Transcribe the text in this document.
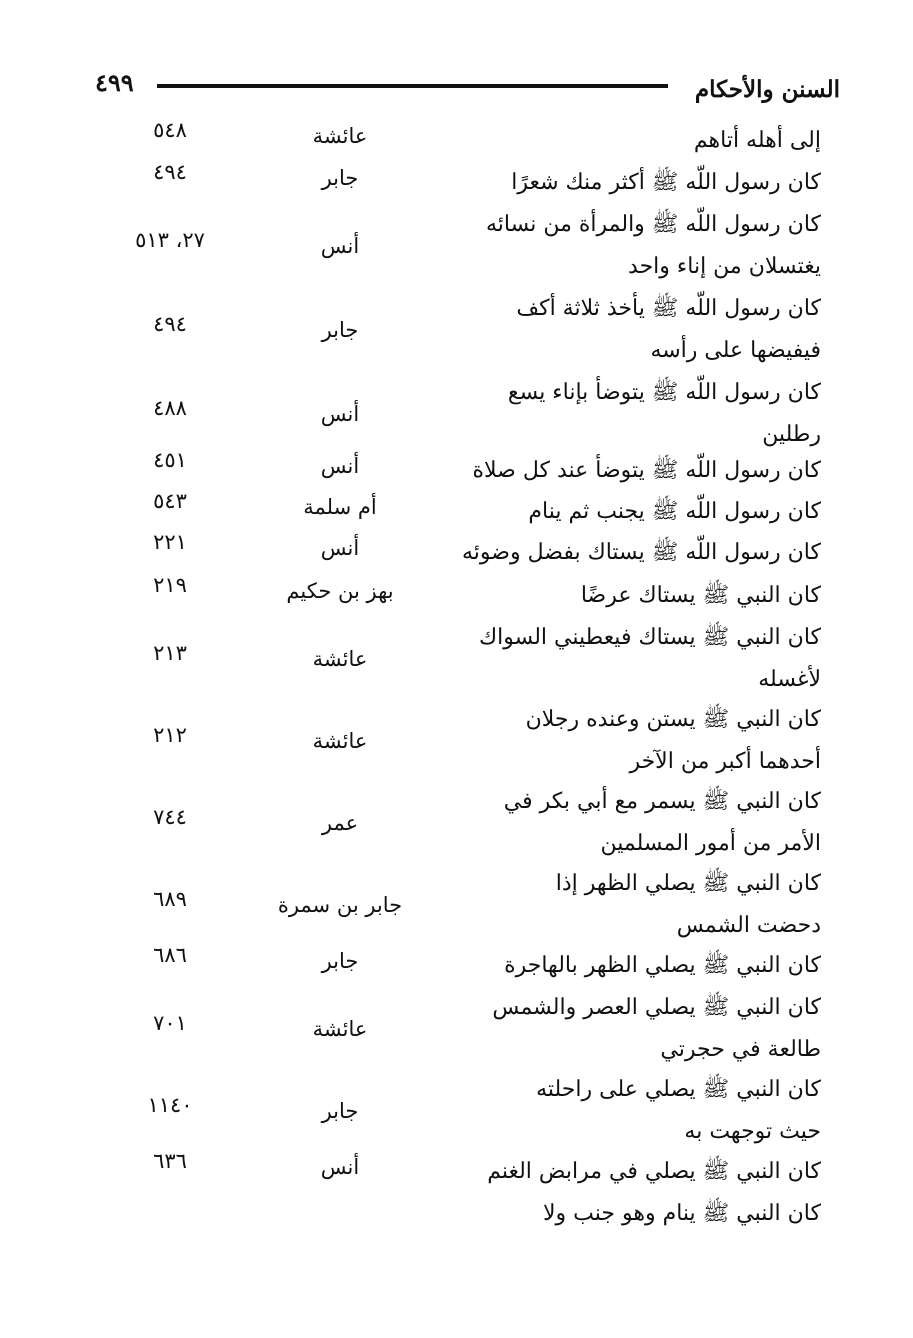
السنن والأحكام
٤٩٩
إلى أهله أتاهم
عائشة
٥٤٨
كان رسول اللّه ﷺ أكثر منك شعرًا
جابر
٤٩٤
كان رسول اللّه ﷺ والمرأة من نسائه
يغتسلان من إناء واحد
أنس
٢٧، ٥١٣
كان رسول اللّه ﷺ يأخذ ثلاثة أكف
فيفيضها على رأسه
جابر
٤٩٤
كان رسول اللّه ﷺ يتوضأ بإناء يسع
رطلين
أنس
٤٨٨
كان رسول اللّه ﷺ يتوضأ عند كل صلاة
أنس
٤٥١
كان رسول اللّه ﷺ يجنب ثم ينام
أم سلمة
٥٤٣
كان رسول اللّه ﷺ يستاك بفضل وضوئه
أنس
٢٢١
كان النبي ﷺ يستاك عرضًا
بهز بن حكيم
٢١٩
كان النبي ﷺ يستاك فيعطيني السواك
لأغسله
عائشة
٢١٣
كان النبي ﷺ يستن وعنده رجلان
أحدهما أكبر من الآخر
عائشة
٢١٢
كان النبي ﷺ يسمر مع أبي بكر في
الأمر من أمور المسلمين
عمر
٧٤٤
كان النبي ﷺ يصلي الظهر إذا
دحضت الشمس
جابر بن سمرة
٦٨٩
كان النبي ﷺ يصلي الظهر بالهاجرة
جابر
٦٨٦
كان النبي ﷺ يصلي العصر والشمس
طالعة في حجرتي
عائشة
٧٠١
كان النبي ﷺ يصلي على راحلته
حيث توجهت به
جابر
١١٤٠
كان النبي ﷺ يصلي في مرابض الغنم
أنس
٦٣٦
كان النبي ﷺ ينام وهو جنب ولا
